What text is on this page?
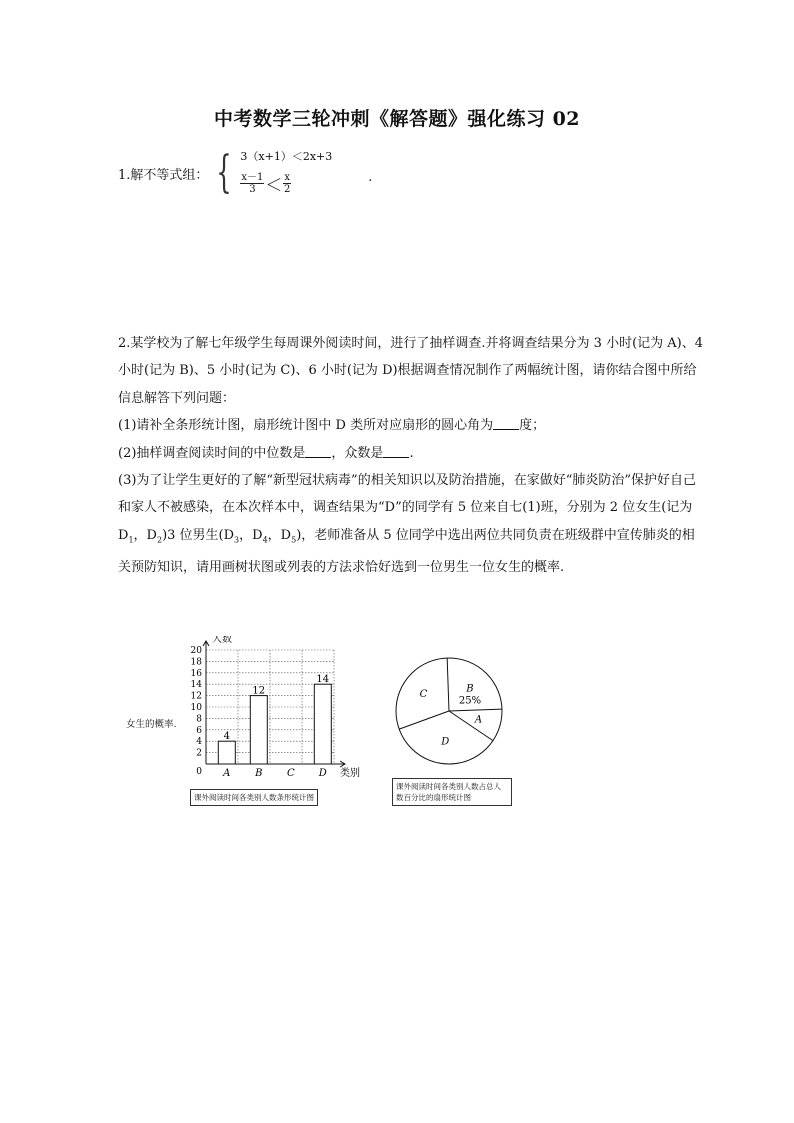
中考数学三轮冲刺《解答题》强化练习 02
1.解不等式组： { 3（x+1）＜2x+3
$\frac{x-1}{3} < \frac{x}{2}$	.

2.某学校为了解七年级学生每周课外阅读时间，进行了抽样调查.并将调查结果分为 3 小时(记为 A)、4 小时(记为 B)、5 小时(记为 C)、6 小时(记为 D)根据调查情况制作了两幅统计图，请你结合图中所给信息解答下列问题：

(1)请补全条形统计图，扇形统计图中 D 类所对应扇形的圆心角为 度；

(2)抽样调查阅读时间的中位数是 ，众数是 .

(3)为了让学生更好的了解“新型冠状病毒”的相关知识以及防治措施，在家做好“肺炎防治”保护好自己和家人不被感染，在本次样本中，调查结果为“D”的同学有 5 位来自七(1)班，分别为 2 位女生(记为 $D_1$，$D_2)3$ 位男生($D_3$，$D_4$，$D_5$)，老师准备从 5 位同学中选出两位共同负责在班级群中宣传肺炎的相关预防知识，请用画树状图或列表的方法求恰好选到一位男生一位女生的概率.

女生的概率.
2
4
6
8
10
12
14
16
18
20
人数
类别
0
4
A
12
B C
14
D
课外阅读时间各类别人数条形统计图
C	B
25%
A
D
课外阅读时间各类别人数占总人数百分比的扇形统计图
